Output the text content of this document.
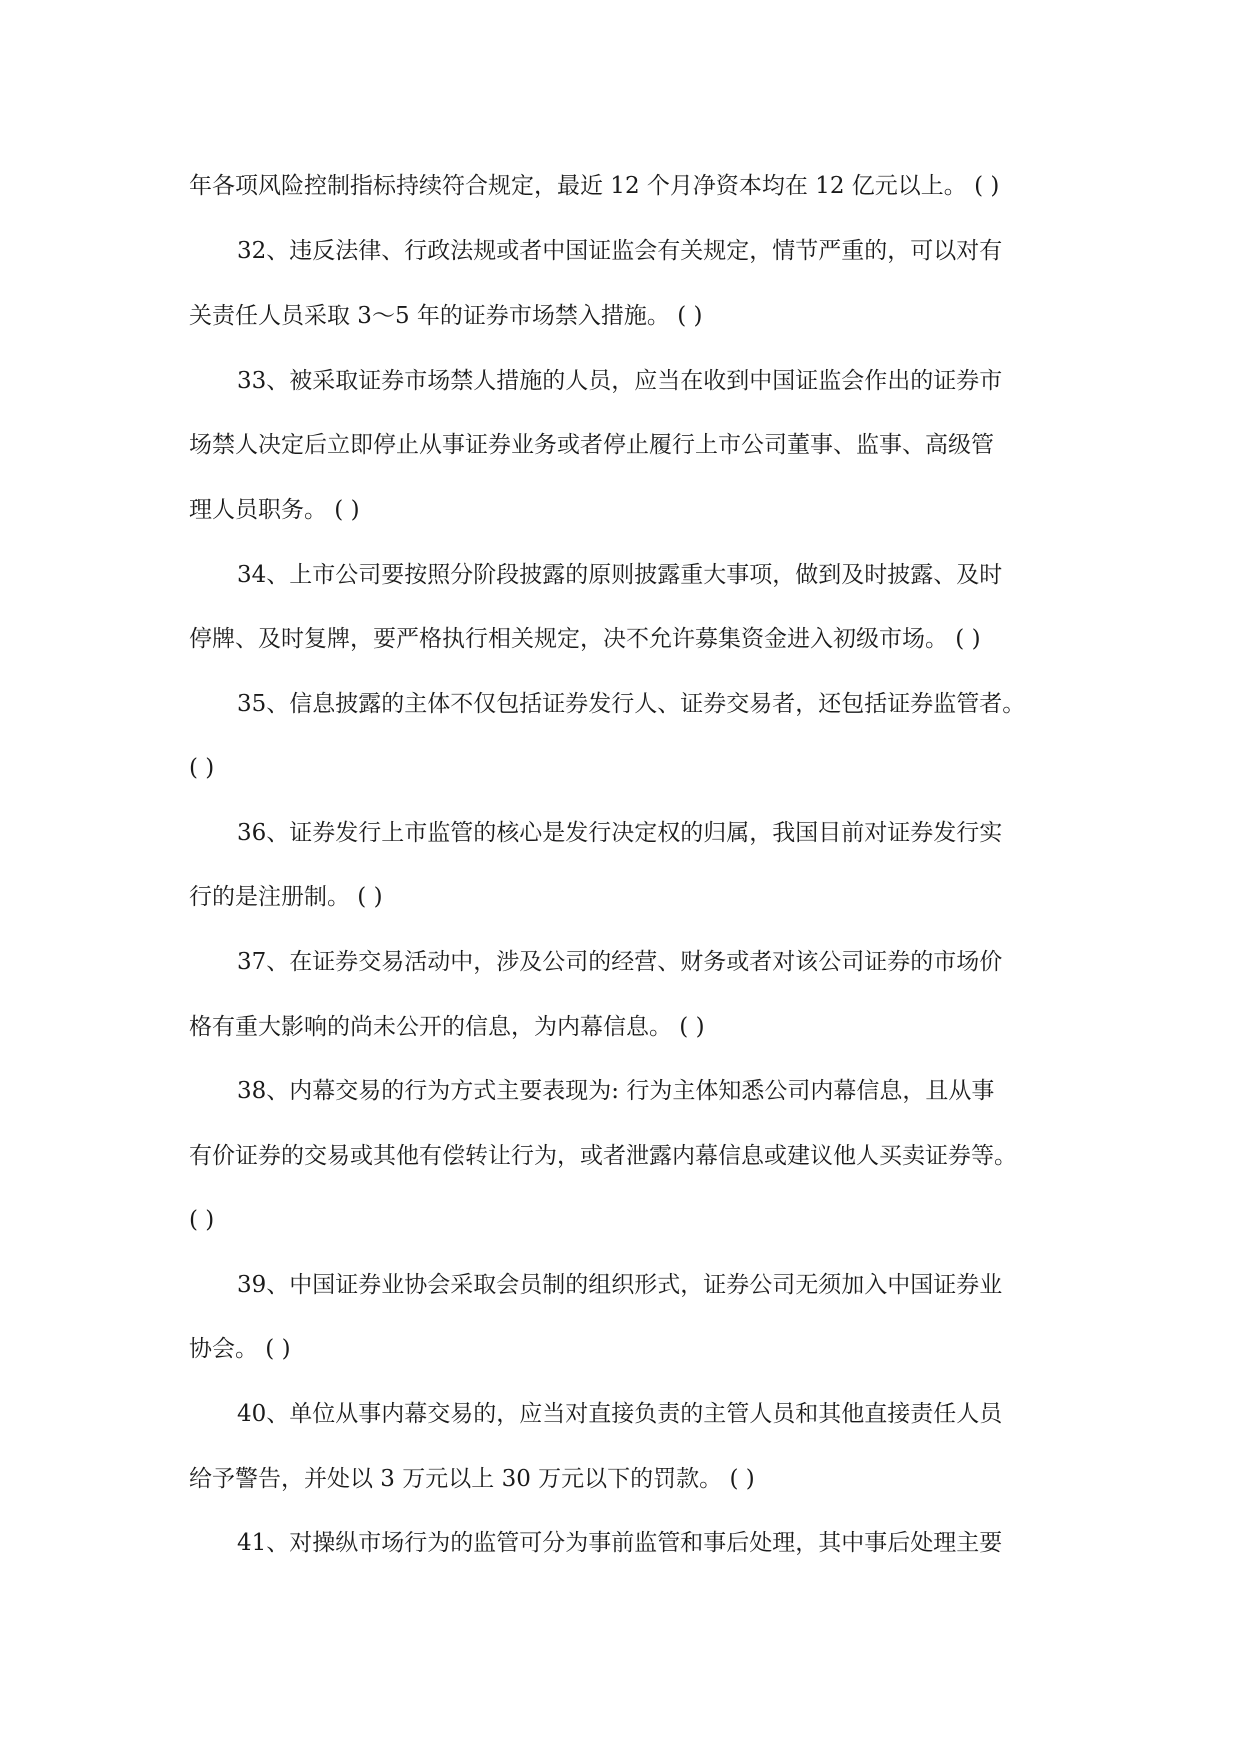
年各项风险控制指标持续符合规定，最近 12 个月净资本均在 12 亿元以上。 ( )

32、违反法律、行政法规或者中国证监会有关规定，情节严重的，可以对有

关责任人员采取 3～5 年的证券市场禁入措施。 ( )

33、被采取证券市场禁人措施的人员，应当在收到中国证监会作出的证券市

场禁人决定后立即停止从事证券业务或者停止履行上市公司董事、监事、高级管

理人员职务。 ( )

34、上市公司要按照分阶段披露的原则披露重大事项，做到及时披露、及时

停牌、及时复牌，要严格执行相关规定，决不允许募集资金进入初级市场。 ( )

35、信息披露的主体不仅包括证券发行人、证券交易者，还包括证券监管者。

( )

36、证券发行上市监管的核心是发行决定权的归属，我国目前对证券发行实

行的是注册制。 ( )

37、在证券交易活动中，涉及公司的经营、财务或者对该公司证券的市场价

格有重大影响的尚未公开的信息，为内幕信息。 ( )

38、内幕交易的行为方式主要表现为: 行为主体知悉公司内幕信息，且从事

有价证券的交易或其他有偿转让行为，或者泄露内幕信息或建议他人买卖证券等。

( )

39、中国证券业协会采取会员制的组织形式，证券公司无须加入中国证券业

协会。 ( )

40、单位从事内幕交易的，应当对直接负责的主管人员和其他直接责任人员

给予警告，并处以 3 万元以上 30 万元以下的罚款。 ( )

41、对操纵市场行为的监管可分为事前监管和事后处理，其中事后处理主要
